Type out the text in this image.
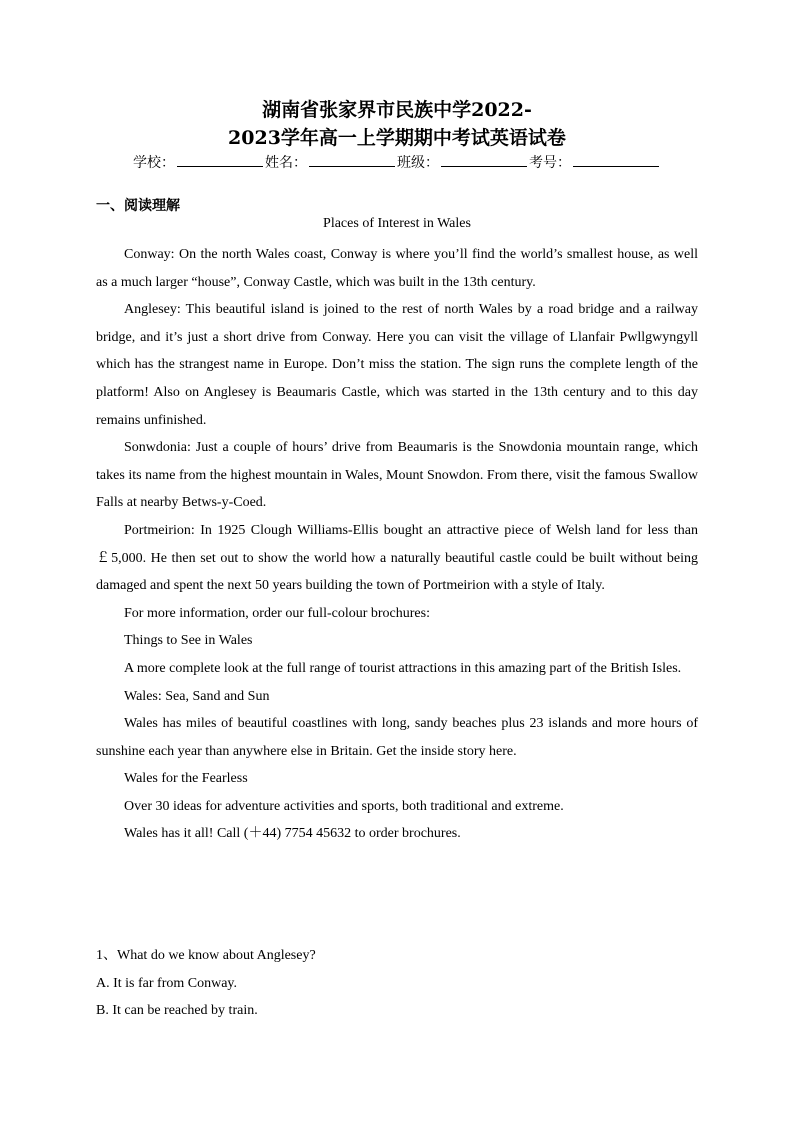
湖南省张家界市民族中学2022-
2023学年高一上学期期中考试英语试卷
学校：	姓名：	班级：	考号：
一、阅读理解
Places of Interest in Wales

Conway: On the north Wales coast, Conway is where you’ll find the world’s smallest house, as well as a much larger “house”, Conway Castle, which was built in the 13th century.

Anglesey: This beautiful island is joined to the rest of north Wales by a road bridge and a railway bridge, and it’s just a short drive from Conway. Here you can visit the village of Llanfair Pwllgwyngyll which has the strangest name in Europe. Don’t miss the station. The sign runs the complete length of the platform! Also on Anglesey is Beaumaris Castle, which was started in the 13th century and to this day remains unfinished.

Sonwdonia: Just a couple of hours’ drive from Beaumaris is the Snowdonia mountain range, which takes its name from the highest mountain in Wales, Mount Snowdon. From there, visit the famous Swallow Falls at nearby Betws-y-Coed.

Portmeirion: In 1925 Clough Williams-Ellis bought an attractive piece of Welsh land for less than ￡5,000. He then set out to show the world how a naturally beautiful castle could be built without being damaged and spent the next 50 years building the town of Portmeirion with a style of Italy.

For more information, order our full-colour brochures:

Things to See in Wales

A more complete look at the full range of tourist attractions in this amazing part of the British Isles.

Wales: Sea, Sand and Sun

Wales has miles of beautiful coastlines with long, sandy beaches plus 23 islands and more hours of sunshine each year than anywhere else in Britain. Get the inside story here.

Wales for the Fearless

Over 30 ideas for adventure activities and sports, both traditional and extreme.

Wales has it all! Call (＋44) 7754 45632 to order brochures.

1、What do we know about Anglesey?

A. It is far from Conway.

B. It can be reached by train.
